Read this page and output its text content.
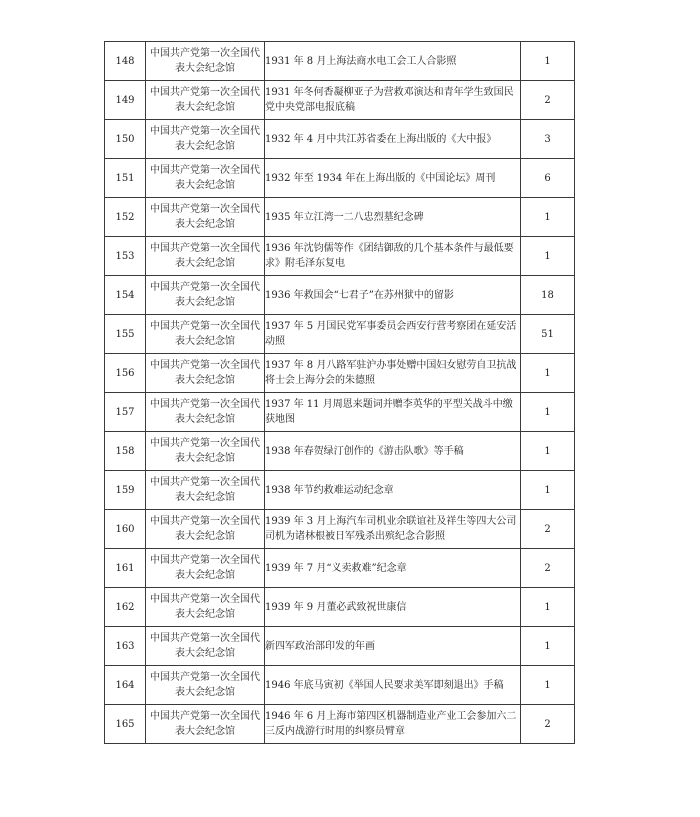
148	中国共产党第一次全国代表大会纪念馆	1931 年 8 月上海法商水电工会工人合影照	1
149	中国共产党第一次全国代表大会纪念馆	1931 年冬何香凝柳亚子为营救邓演达和青年学生致国民党中央党部电报底稿	2
150	中国共产党第一次全国代表大会纪念馆	1932 年 4 月中共江苏省委在上海出版的《大中报》	3
151	中国共产党第一次全国代表大会纪念馆	1932 年至 1934 年在上海出版的《中国论坛》周刊	6
152	中国共产党第一次全国代表大会纪念馆	1935 年立江湾一二八忠烈墓纪念碑	1
153	中国共产党第一次全国代表大会纪念馆	1936 年沈钧儒等作《团结御敌的几个基本条件与最低要求》附毛泽东复电	1
154	中国共产党第一次全国代表大会纪念馆	1936 年救国会“七君子”在苏州狱中的留影	18
155	中国共产党第一次全国代表大会纪念馆	1937 年 5 月国民党军事委员会西安行营考察团在延安活动照	51
156	中国共产党第一次全国代表大会纪念馆	1937 年 8 月八路军驻沪办事处赠中国妇女慰劳自卫抗战将士会上海分会的朱德照	1
157	中国共产党第一次全国代表大会纪念馆	1937 年 11 月周恩来题词并赠李英华的平型关战斗中缴获地图	1
158	中国共产党第一次全国代表大会纪念馆	1938 年春贺绿汀创作的《游击队歌》等手稿	1
159	中国共产党第一次全国代表大会纪念馆	1938 年节约救难运动纪念章	1
160	中国共产党第一次全国代表大会纪念馆	1939 年 3 月上海汽车司机业余联谊社及祥生等四大公司司机为诸林根被日军残杀出殡纪念合影照	2
161	中国共产党第一次全国代表大会纪念馆	1939 年 7 月“义卖救难”纪念章	2
162	中国共产党第一次全国代表大会纪念馆	1939 年 9 月董必武致祝世康信	1
163	中国共产党第一次全国代表大会纪念馆	新四军政治部印发的年画	1
164	中国共产党第一次全国代表大会纪念馆	1946 年底马寅初《举国人民要求美军即刻退出》手稿	1
165	中国共产党第一次全国代表大会纪念馆	1946 年 6 月上海市第四区机器制造业产业工会参加六二三反内战游行时用的纠察员臂章	2
